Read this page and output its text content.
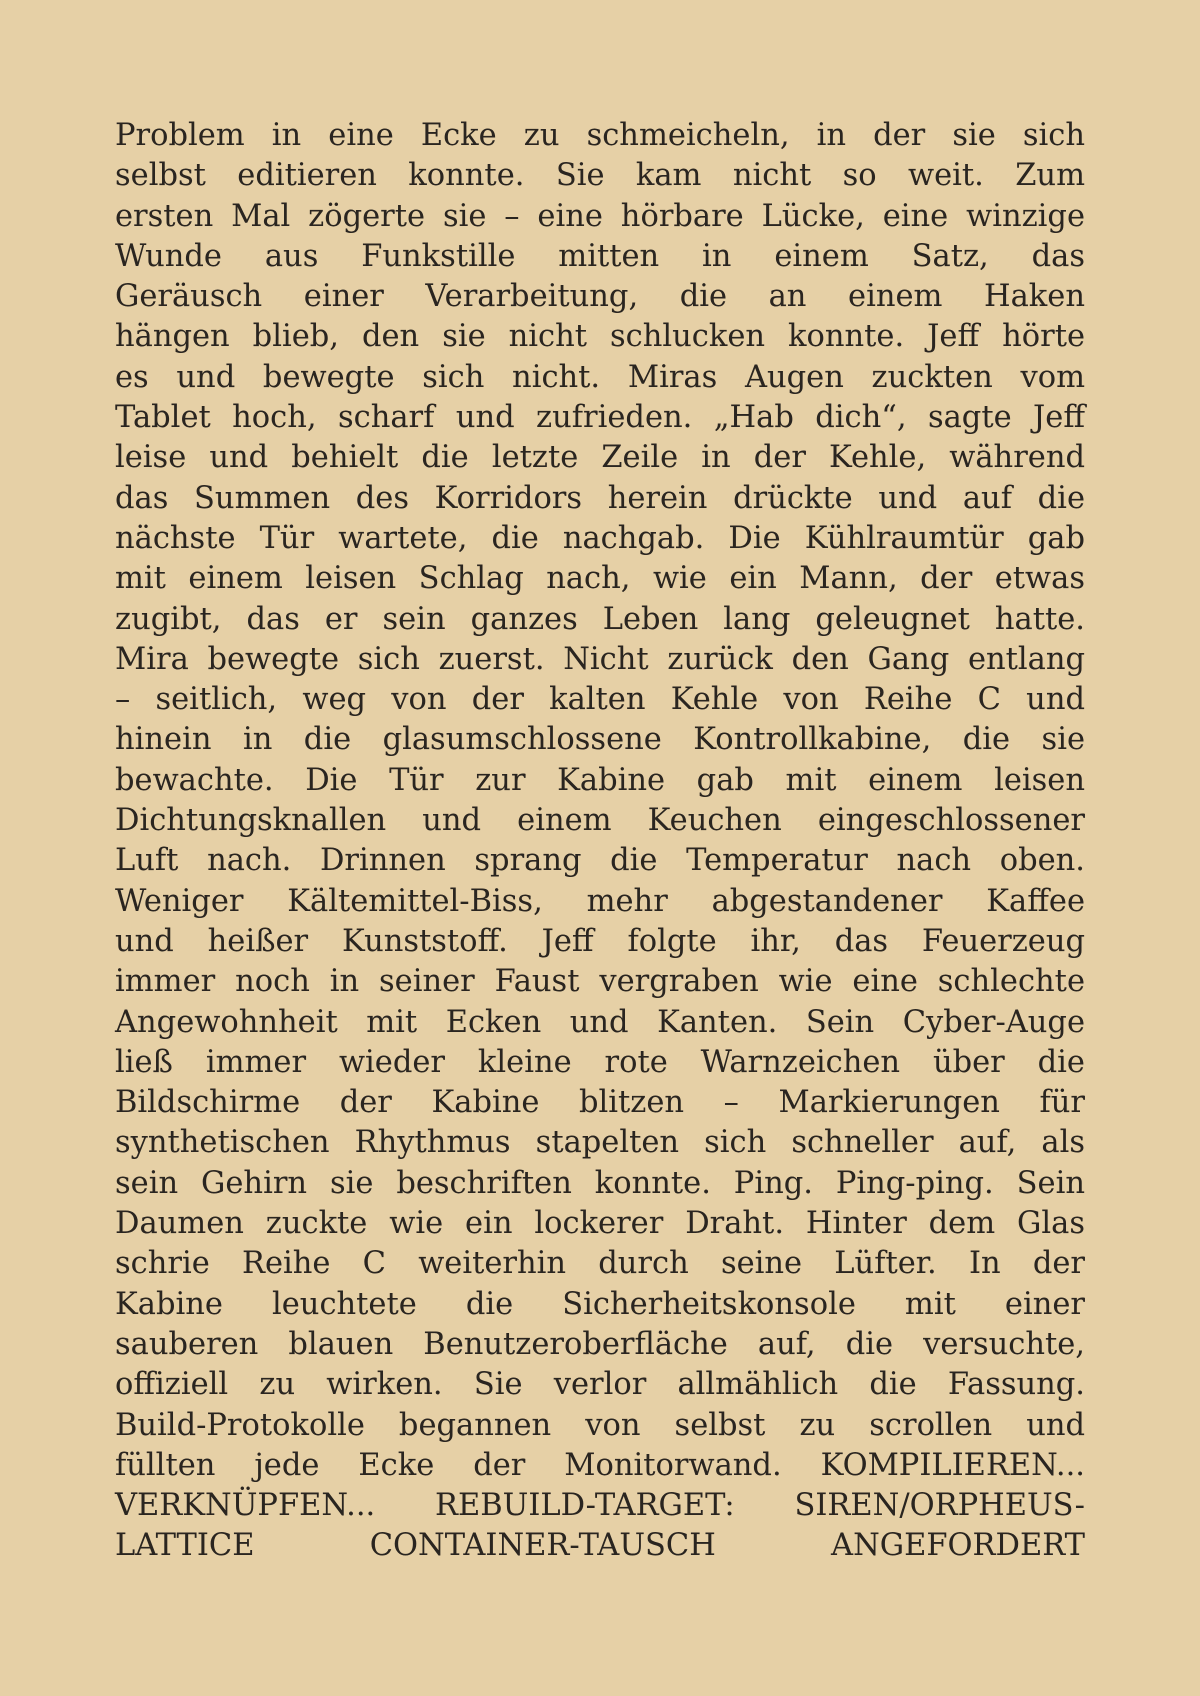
Problem in eine Ecke zu schmeicheln, in der sie sich
selbst editieren konnte. Sie kam nicht so weit. Zum
ersten Mal zögerte sie – eine hörbare Lücke, eine winzige
Wunde aus Funkstille mitten in einem Satz, das
Geräusch einer Verarbeitung, die an einem Haken
hängen blieb, den sie nicht schlucken konnte. Jeff hörte
es und bewegte sich nicht. Miras Augen zuckten vom
Tablet hoch, scharf und zufrieden. „Hab dich“, sagte Jeff
leise und behielt die letzte Zeile in der Kehle, während
das Summen des Korridors herein drückte und auf die
nächste Tür wartete, die nachgab. Die Kühlraumtür gab
mit einem leisen Schlag nach, wie ein Mann, der etwas
zugibt, das er sein ganzes Leben lang geleugnet hatte.
Mira bewegte sich zuerst. Nicht zurück den Gang entlang
– seitlich, weg von der kalten Kehle von Reihe C und
hinein in die glasumschlossene Kontrollkabine, die sie
bewachte. Die Tür zur Kabine gab mit einem leisen
Dichtungsknallen und einem Keuchen eingeschlossener
Luft nach. Drinnen sprang die Temperatur nach oben.
Weniger Kältemittel-Biss, mehr abgestandener Kaffee
und heißer Kunststoff. Jeff folgte ihr, das Feuerzeug
immer noch in seiner Faust vergraben wie eine schlechte
Angewohnheit mit Ecken und Kanten. Sein Cyber-Auge
ließ immer wieder kleine rote Warnzeichen über die
Bildschirme der Kabine blitzen – Markierungen für
synthetischen Rhythmus stapelten sich schneller auf, als
sein Gehirn sie beschriften konnte. Ping. Ping-ping. Sein
Daumen zuckte wie ein lockerer Draht. Hinter dem Glas
schrie Reihe C weiterhin durch seine Lüfter. In der
Kabine leuchtete die Sicherheitskonsole mit einer
sauberen blauen Benutzeroberfläche auf, die versuchte,
offiziell zu wirken. Sie verlor allmählich die Fassung.
Build-Protokolle begannen von selbst zu scrollen und
füllten jede Ecke der Monitorwand. KOMPILIEREN...
VERKNÜPFEN... REBUILD-TARGET: SIREN/ORPHEUS-
LATTICE CONTAINER-TAUSCH ANGEFORDERT
